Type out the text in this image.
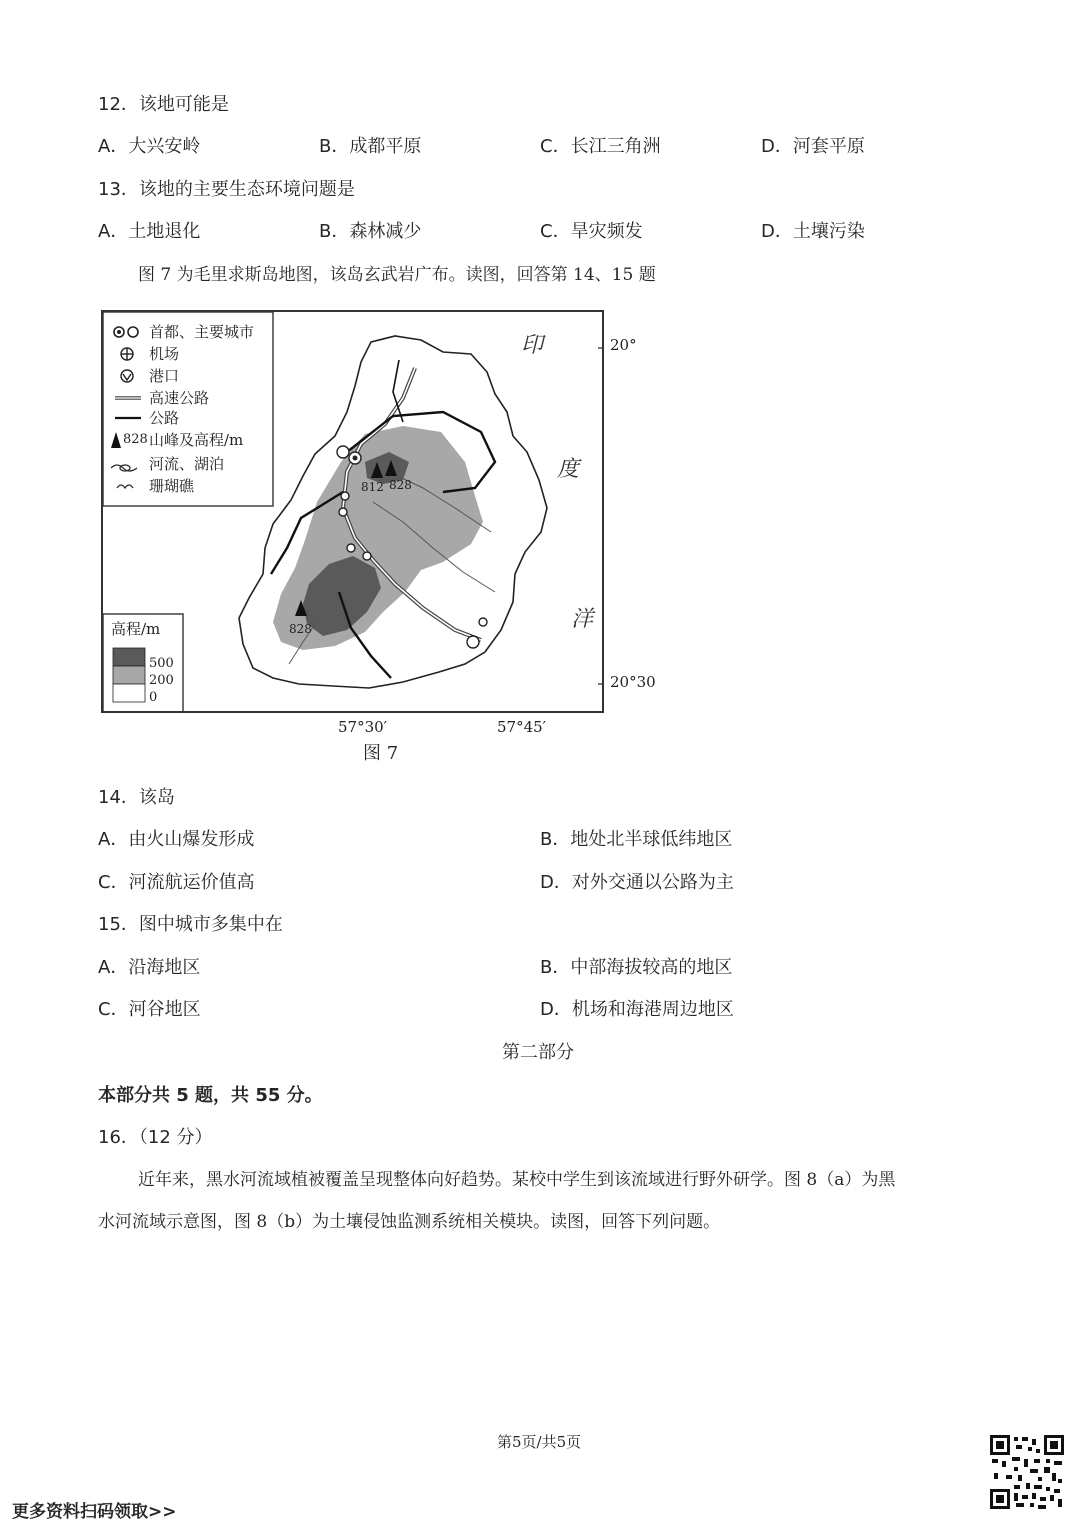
12．该地可能是
A．大兴安岭	B．成都平原	C．长江三角洲	D．河套平原
13．该地的主要生态环境问题是
A．土地退化	B．森林减少	C．旱灾频发	D．土壤污染
图 7 为毛里求斯岛地图，该岛玄武岩广布。读图，回答第 14、15 题
首都、主要城市
机场
港口
高速公路
公路
828 山峰及高程/m
河流、湖泊
珊瑚礁
印
度
洋
812 828
828
高程/m
500
200
0
20°
20°30
57°30′	57°45′
图 7
14．该岛
A．由火山爆发形成	B．地处北半球低纬地区
C．河流航运价值高	D．对外交通以公路为主
15．图中城市多集中在
A．沿海地区	B．中部海拔较高的地区
C．河谷地区	D．机场和海港周边地区
第二部分
本部分共 5 题，共 55 分。
16．（12 分）
近年来，黑水河流域植被覆盖呈现整体向好趋势。某校中学生到该流域进行野外研学。图 8（a）为黑
水河流域示意图，图 8（b）为土壤侵蚀监测系统相关模块。读图，回答下列问题。
第5页/共5页
更多资料扫码领取>>
